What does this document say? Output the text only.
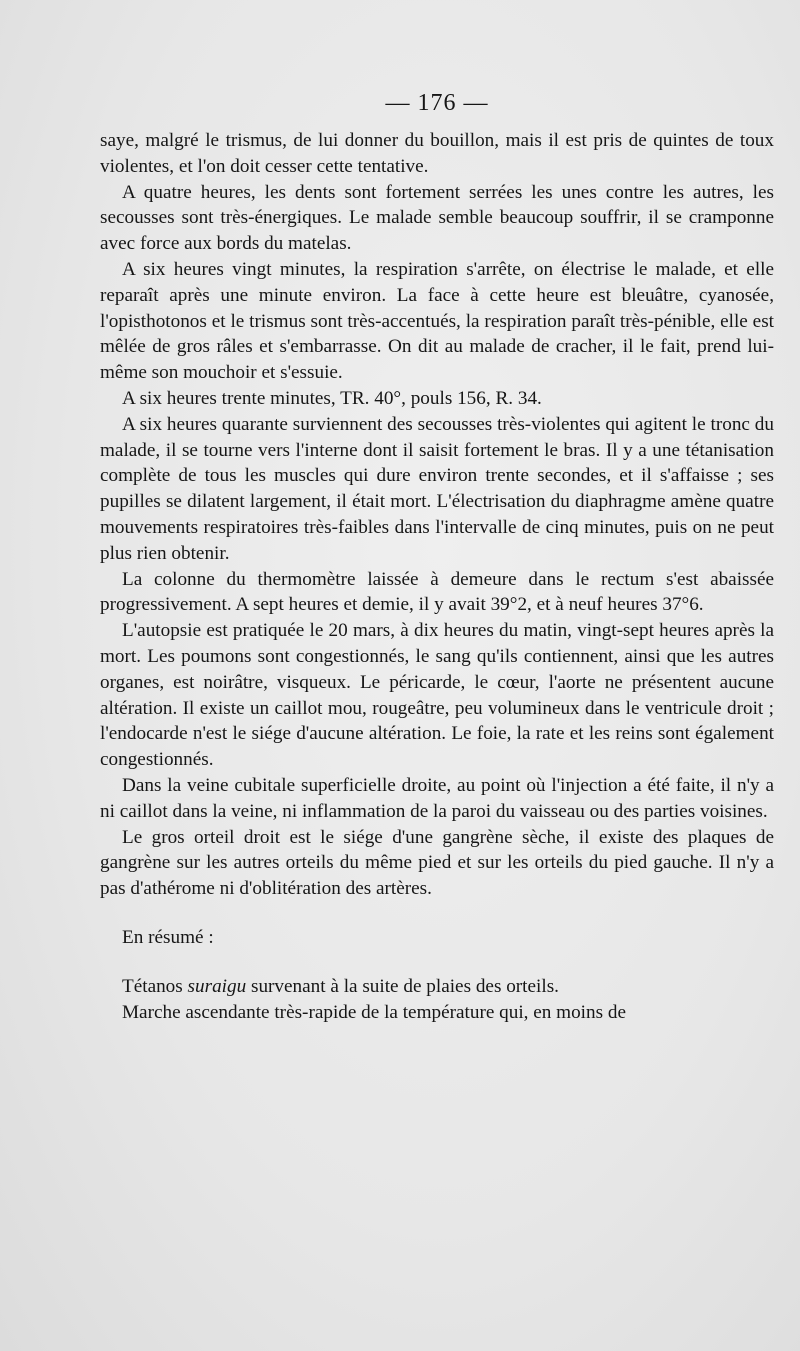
— 176 —

saye, malgré le trismus, de lui donner du bouillon, mais il est pris de quintes de toux violentes, et l'on doit cesser cette tentative.

A quatre heures, les dents sont fortement serrées les unes contre les autres, les secousses sont très-énergiques. Le malade semble beaucoup souffrir, il se cramponne avec force aux bords du matelas.

A six heures vingt minutes, la respiration s'arrête, on électrise le malade, et elle reparaît après une minute environ. La face à cette heure est bleuâtre, cyanosée, l'opisthotonos et le trismus sont très-accentués, la respiration paraît très-pénible, elle est mêlée de gros râles et s'embarrasse. On dit au malade de cracher, il le fait, prend lui-même son mouchoir et s'essuie.

A six heures trente minutes, TR. 40°, pouls 156, R. 34.

A six heures quarante surviennent des secousses très-violentes qui agitent le tronc du malade, il se tourne vers l'interne dont il saisit fortement le bras. Il y a une tétanisation complète de tous les muscles qui dure environ trente secondes, et il s'affaisse ; ses pupilles se dilatent largement, il était mort. L'électrisation du diaphragme amène quatre mouvements respiratoires très-faibles dans l'intervalle de cinq minutes, puis on ne peut plus rien obtenir.

La colonne du thermomètre laissée à demeure dans le rectum s'est abaissée progressivement. A sept heures et demie, il y avait 39°2, et à neuf heures 37°6.

L'autopsie est pratiquée le 20 mars, à dix heures du matin, vingt-sept heures après la mort. Les poumons sont congestionnés, le sang qu'ils contiennent, ainsi que les autres organes, est noirâtre, visqueux. Le péricarde, le cœur, l'aorte ne présentent aucune altération. Il existe un caillot mou, rougeâtre, peu volumineux dans le ventricule droit ; l'endocarde n'est le siége d'aucune altération. Le foie, la rate et les reins sont également congestionnés.

Dans la veine cubitale superficielle droite, au point où l'injection a été faite, il n'y a ni caillot dans la veine, ni inflammation de la paroi du vaisseau ou des parties voisines.

Le gros orteil droit est le siége d'une gangrène sèche, il existe des plaques de gangrène sur les autres orteils du même pied et sur les orteils du pied gauche. Il n'y a pas d'athérome ni d'oblitération des artères.

En résumé :

Tétanos suraigu survenant à la suite de plaies des orteils.

Marche ascendante très-rapide de la température qui, en moins de
